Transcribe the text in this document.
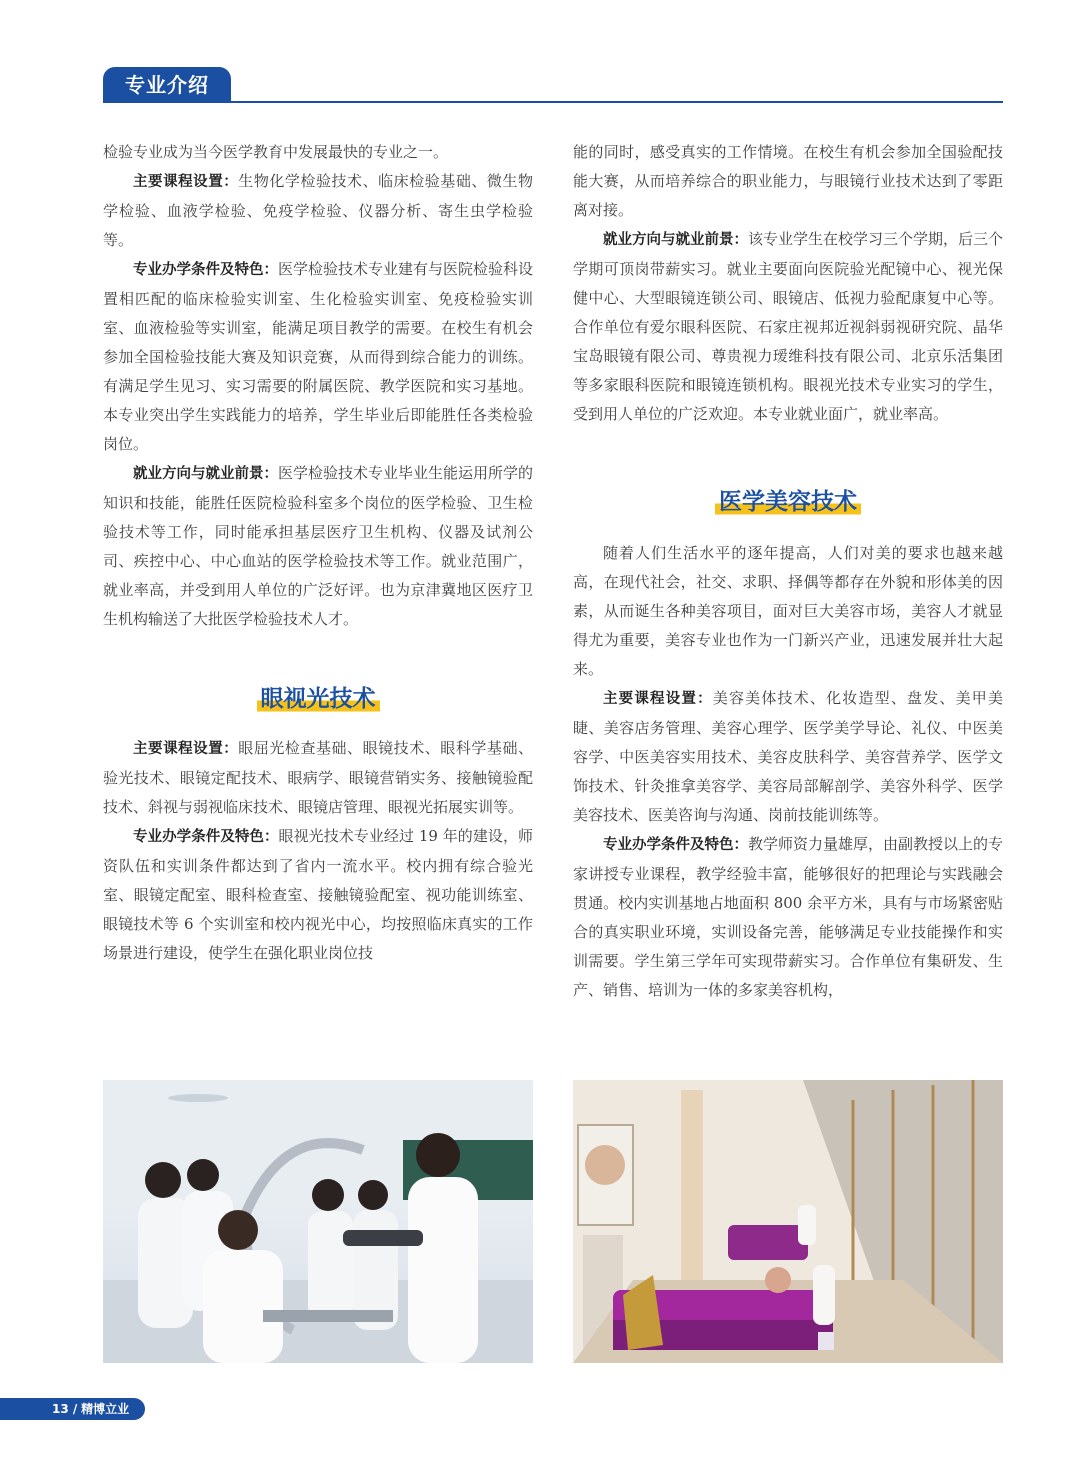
专业介绍

检验专业成为当今医学教育中发展最快的专业之一。

主要课程设置：生物化学检验技术、临床检验基础、微生物学检验、血液学检验、免疫学检验、仪器分析、寄生虫学检验等。

专业办学条件及特色：医学检验技术专业建有与医院检验科设置相匹配的临床检验实训室、生化检验实训室、免疫检验实训室、血液检验等实训室，能满足项目教学的需要。在校生有机会参加全国检验技能大赛及知识竞赛，从而得到综合能力的训练。有满足学生见习、实习需要的附属医院、教学医院和实习基地。本专业突出学生实践能力的培养，学生毕业后即能胜任各类检验岗位。

就业方向与就业前景：医学检验技术专业毕业生能运用所学的知识和技能，能胜任医院检验科室多个岗位的医学检验、卫生检验技术等工作，同时能承担基层医疗卫生机构、仪器及试剂公司、疾控中心、中心血站的医学检验技术等工作。就业范围广，就业率高，并受到用人单位的广泛好评。也为京津冀地区医疗卫生机构输送了大批医学检验技术人才。

眼视光技术

主要课程设置：眼屈光检查基础、眼镜技术、眼科学基础、验光技术、眼镜定配技术、眼病学、眼镜营销实务、接触镜验配技术、斜视与弱视临床技术、眼镜店管理、眼视光拓展实训等。

专业办学条件及特色：眼视光技术专业经过 19 年的建设，师资队伍和实训条件都达到了省内一流水平。校内拥有综合验光室、眼镜定配室、眼科检查室、接触镜验配室、视功能训练室、眼镜技术等 6 个实训室和校内视光中心，均按照临床真实的工作场景进行建设，使学生在强化职业岗位技

能的同时，感受真实的工作情境。在校生有机会参加全国验配技能大赛，从而培养综合的职业能力，与眼镜行业技术达到了零距离对接。

就业方向与就业前景：该专业学生在校学习三个学期，后三个学期可顶岗带薪实习。就业主要面向医院验光配镜中心、视光保健中心、大型眼镜连锁公司、眼镜店、低视力验配康复中心等。合作单位有爱尔眼科医院、石家庄视邦近视斜弱视研究院、晶华宝岛眼镜有限公司、尊贵视力瑷维科技有限公司、北京乐活集团等多家眼科医院和眼镜连锁机构。眼视光技术专业实习的学生，受到用人单位的广泛欢迎。本专业就业面广，就业率高。

医学美容技术

随着人们生活水平的逐年提高，人们对美的要求也越来越高，在现代社会，社交、求职、择偶等都存在外貌和形体美的因素，从而诞生各种美容项目，面对巨大美容市场，美容人才就显得尤为重要，美容专业也作为一门新兴产业，迅速发展并壮大起来。

主要课程设置：美容美体技术、化妆造型、盘发、美甲美睫、美容店务管理、美容心理学、医学美学导论、礼仪、中医美容学、中医美容实用技术、美容皮肤科学、美容营养学、医学文饰技术、针灸推拿美容学、美容局部解剖学、美容外科学、医学美容技术、医美咨询与沟通、岗前技能训练等。

专业办学条件及特色：教学师资力量雄厚，由副教授以上的专家讲授专业课程，教学经验丰富，能够很好的把理论与实践融会贯通。校内实训基地占地面积 800 余平方米，具有与市场紧密贴合的真实职业环境，实训设备完善，能够满足专业技能操作和实训需要。学生第三学年可实现带薪实习。合作单位有集研发、生产、销售、培训为一体的多家美容机构，

13 / 精博立业
